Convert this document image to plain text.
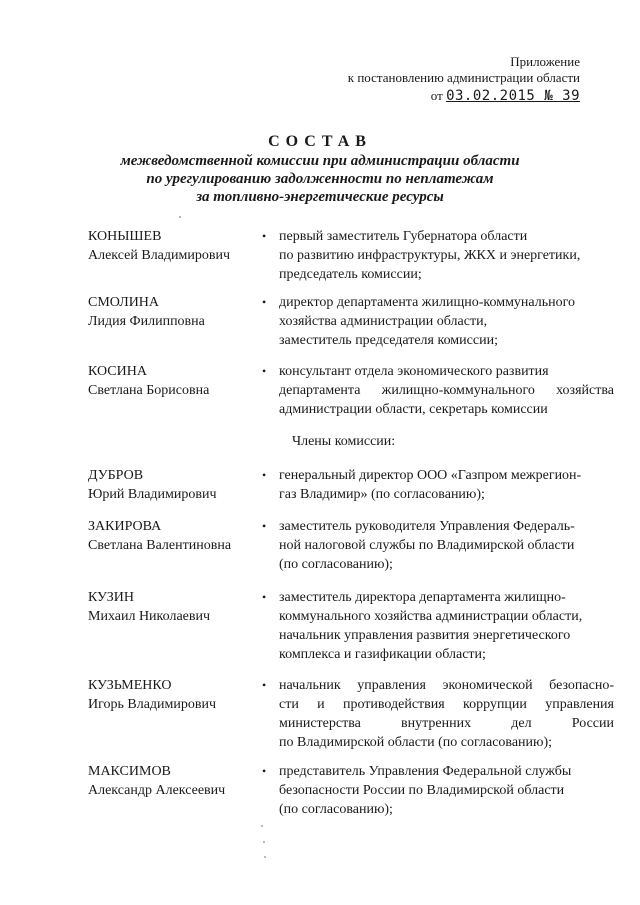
Приложение
к постановлению администрации области
от 03.02.2015 № 39
СОСТАВ
межведомственной комиссии при администрации области
по урегулированию задолженности по неплатежам
за топливно-энергетические ресурсы
КОНЫШЕВ
Алексей Владимирович
• первый заместитель Губернатора области
по развитию инфраструктуры, ЖКХ и энергетики,
председатель комиссии;
СМОЛИНА
Лидия Филипповна
• директор департамента жилищно-коммунального
хозяйства администрации области,
заместитель председателя комиссии;
КОСИНА
Светлана Борисовна
• консультант отдела экономического развития
департамента жилищно-коммунального хозяйства
администрации области, секретарь комиссии
Члены комиссии:
ДУБРОВ
Юрий Владимирович
• генеральный директор ООО «Газпром межрегион-
газ Владимир» (по согласованию);
ЗАКИРОВА
Светлана Валентиновна
• заместитель руководителя Управления Федераль-
ной налоговой службы по Владимирской области
(по согласованию);
КУЗИН
Михаил Николаевич
• заместитель директора департамента жилищно-
коммунального хозяйства администрации области,
начальник управления развития энергетического
комплекса и газификации области;
КУЗЬМЕНКО
Игорь Владимирович
• начальник управления экономической безопасно-
сти и противодействия коррупции управления
министерства внутренних дел России
по Владимирской области (по согласованию);
МАКСИМОВ
Александр Алексеевич
• представитель Управления Федеральной службы
безопасности России по Владимирской области
(по согласованию);
